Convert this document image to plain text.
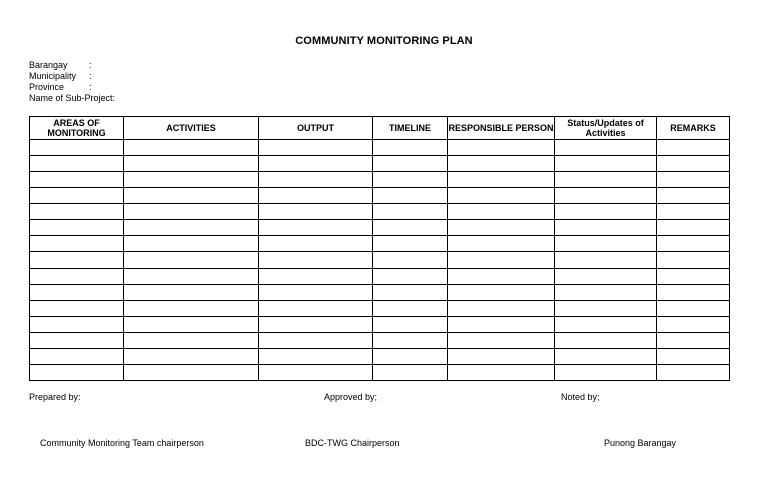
COMMUNITY MONITORING PLAN
Barangay	:
Municipality	:
Province	:
Name of Sub-Project:
AREAS OF MONITORING	ACTIVITIES	OUTPUT	TIMELINE	RESPONSIBLE PERSON	Status/Updates of Activities	REMARKS

Prepared by:	Approved by;	Noted by;
Community Monitoring Team chairperson	BDC-TWG Chairperson	Punong Barangay
